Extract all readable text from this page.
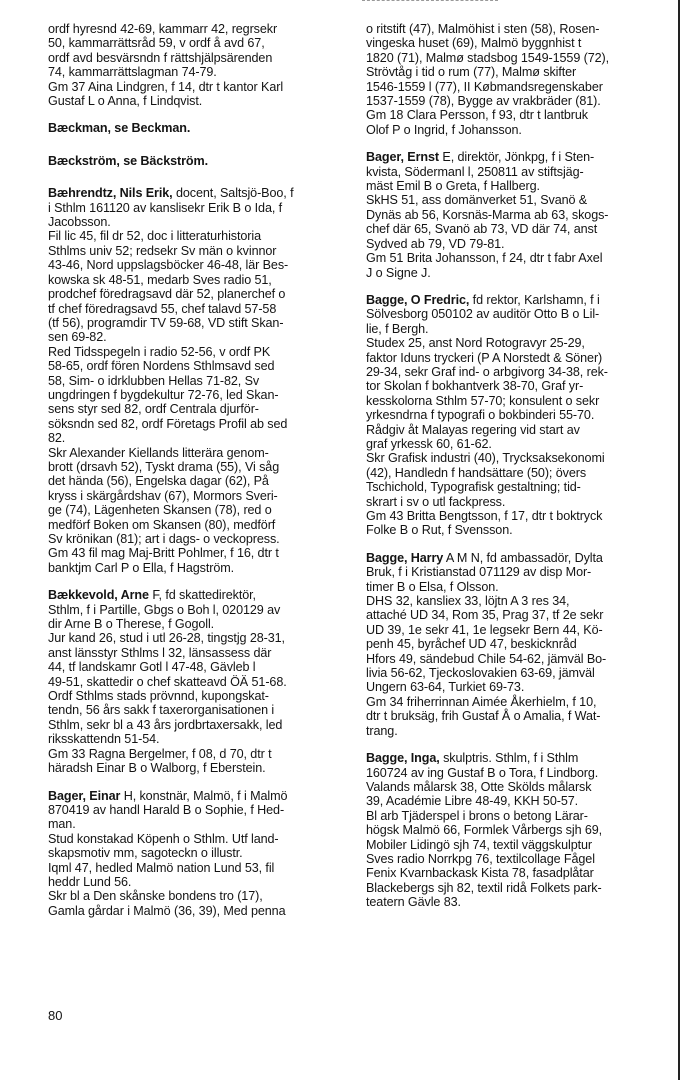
ordf hyresnd 42-69, kammarr 42, regrsekr
50, kammarrättsråd 59, v ordf å avd 67,
ordf avd besvärsndn f rättshjälpsärenden
74, kammarrättslagman 74-79.
Gm 37 Aina Lindgren, f 14, dtr t kantor Karl
Gustaf L o Anna, f Lindqvist.
Bæckman, se Beckman.
Bæckström, se Bäckström.
Bæhrendtz, Nils Erik, docent, Saltsjö-Boo, f
i Sthlm 161120 av kanslisekr Erik B o Ida, f
Jacobsson.
Fil lic 45, fil dr 52, doc i litteraturhistoria
Sthlms univ 52; redsekr Sv män o kvinnor
43-46, Nord uppslagsböcker 46-48, lär Bes-
kowska sk 48-51, medarb Sves radio 51,
prodchef föredragsavd där 52, planerchef o
tf chef föredragsavd 55, chef talavd 57-58
(tf 56), programdir TV 59-68, VD stift Skan-
sen 69-82.
Red Tidsspegeln i radio 52-56, v ordf PK
58-65, ordf fören Nordens Sthlmsavd sed
58, Sim- o idrklubben Hellas 71-82, Sv
ungdringen f bygdekultur 72-76, led Skan-
sens styr sed 82, ordf Centrala djurför-
söksndn sed 82, ordf Företags Profil ab sed
82.
Skr Alexander Kiellands litterära genom-
brott (drsavh 52), Tyskt drama (55), Vi såg
det hända (56), Engelska dagar (62), På
kryss i skärgårdshav (67), Mormors Sveri-
ge (74), Lägenheten Skansen (78), red o
medförf Boken om Skansen (80), medförf
Sv krönikan (81); art i dags- o veckopress.
Gm 43 fil mag Maj-Britt Pohlmer, f 16, dtr t
banktjm Carl P o Ella, f Hagström.
Bækkevold, Arne F, fd skattedirektör,
Sthlm, f i Partille, Gbgs o Boh l, 020129 av
dir Arne B o Therese, f Gogoll.
Jur kand 26, stud i utl 26-28, tingstjg 28-31,
anst länsstyr Sthlms l 32, länsassess där
44, tf landskamr Gotl l 47-48, Gävleb l
49-51, skattedir o chef skatteavd ÖÄ 51-68.
Ordf Sthlms stads prövnnd, kupongskat-
tendn, 56 års sakk f taxerorganisationen i
Sthlm, sekr bl a 43 års jordbrtaxersakk, led
riksskattendn 51-54.
Gm 33 Ragna Bergelmer, f 08, d 70, dtr t
häradsh Einar B o Walborg, f Eberstein.
Bager, Einar H, konstnär, Malmö, f i Malmö
870419 av handl Harald B o Sophie, f Hed-
man.
Stud konstakad Köpenh o Sthlm. Utf land-
skapsmotiv mm, sagoteckn o illustr.
Iqml 47, hedled Malmö nation Lund 53, fil
heddr Lund 56.
Skr bl a Den skånske bondens tro (17),
Gamla gårdar i Malmö (36, 39), Med penna
o ritstift (47), Malmöhist i sten (58), Rosen-
vingeska huset (69), Malmö byggnhist t
1820 (71), Malmø stadsbog 1549-1559 (72),
Strövtåg i tid o rum (77), Malmø skifter
1546-1559 l (77), II Købmandsregenskaber
1537-1559 (78), Bygge av vrakbräder (81).
Gm 18 Clara Persson, f 93, dtr t lantbruk
Olof P o Ingrid, f Johansson.
Bager, Ernst E, direktör, Jönkpg, f i Sten-
kvista, Södermanl l, 250811 av stiftsjäg-
mäst Emil B o Greta, f Hallberg.
SkHS 51, ass domänverket 51, Svanö &
Dynäs ab 56, Korsnäs-Marma ab 63, skogs-
chef där 65, Svanö ab 73, VD där 74, anst
Sydved ab 79, VD 79-81.
Gm 51 Brita Johansson, f 24, dtr t fabr Axel
J o Signe J.
Bagge, O Fredric, fd rektor, Karlshamn, f i
Sölvesborg 050102 av auditör Otto B o Lil-
lie, f Bergh.
Studex 25, anst Nord Rotogravyr 25-29,
faktor Iduns tryckeri (P A Norstedt & Söner)
29-34, sekr Graf ind- o arbgivorg 34-38, rek-
tor Skolan f bokhantverk 38-70, Graf yr-
kesskolorna Sthlm 57-70; konsulent o sekr
yrkesndrna f typografi o bokbinderi 55-70.
Rådgiv åt Malayas regering vid start av
graf yrkessk 60, 61-62.
Skr Grafisk industri (40), Trycksaksekonomi
(42), Handledn f handsättare (50); övers
Tschichold, Typografisk gestaltning; tid-
skrart i sv o utl fackpress.
Gm 43 Britta Bengtsson, f 17, dtr t boktryck
Folke B o Rut, f Svensson.
Bagge, Harry A M N, fd ambassadör, Dylta
Bruk, f i Kristianstad 071129 av disp Mor-
timer B o Elsa, f Olsson.
DHS 32, kansliex 33, löjtn A 3 res 34,
attaché UD 34, Rom 35, Prag 37, tf 2e sekr
UD 39, 1e sekr 41, 1e legsekr Bern 44, Kö-
penh 45, byråchef UD 47, beskicknråd
Hfors 49, sändebud Chile 54-62, jämväl Bo-
livia 56-62, Tjeckoslovakien 63-69, jämväl
Ungern 63-64, Turkiet 69-73.
Gm 34 friherrinnan Aimée Åkerhielm, f 10,
dtr t bruksäg, frih Gustaf Å o Amalia, f Wat-
trang.
Bagge, Inga, skulptris. Sthlm, f i Sthlm
160724 av ing Gustaf B o Tora, f Lindborg.
Valands målarsk 38, Otte Skölds målarsk
39, Académie Libre 48-49, KKH 50-57.
Bl arb Tjäderspel i brons o betong Lärar-
högsk Malmö 66, Formlek Vårbergs sjh 69,
Mobiler Lidingö sjh 74, textil väggskulptur
Sves radio Norrkpg 76, textilcollage Fågel
Fenix Kvarnbackask Kista 78, fasadplåtar
Blackebergs sjh 82, textil ridå Folkets park-
teatern Gävle 83.
80
